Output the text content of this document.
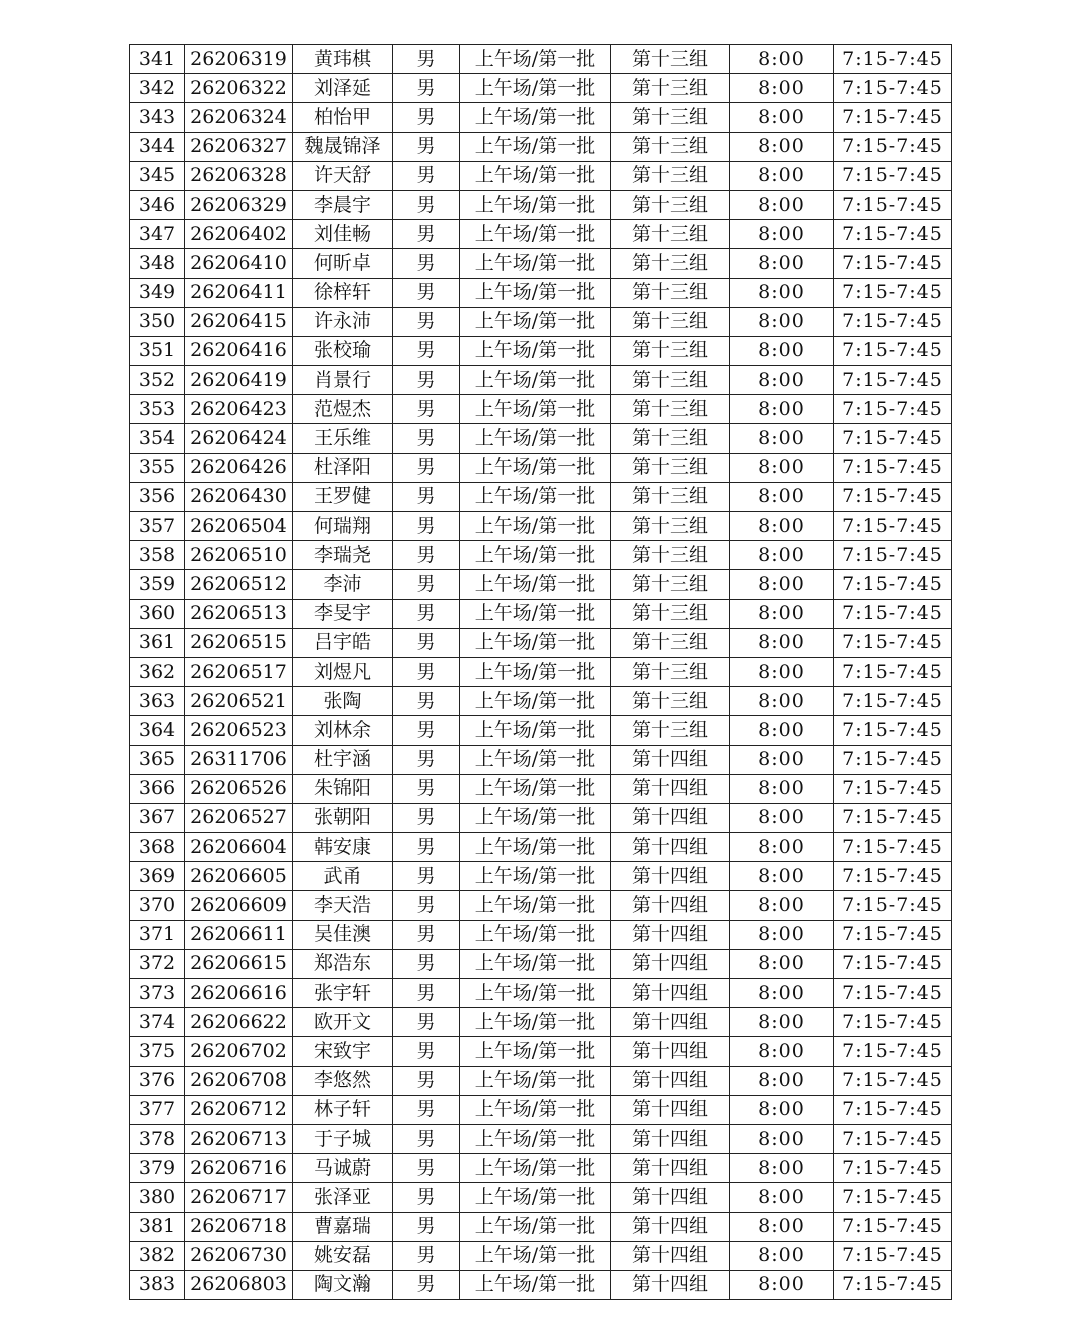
341	26206319	黄玮棋	男	上午场/第一批	第十三组	8:00	7:15-7:45
342	26206322	刘泽延	男	上午场/第一批	第十三组	8:00	7:15-7:45
343	26206324	柏怡甲	男	上午场/第一批	第十三组	8:00	7:15-7:45
344	26206327	魏晟锦泽	男	上午场/第一批	第十三组	8:00	7:15-7:45
345	26206328	许天舒	男	上午场/第一批	第十三组	8:00	7:15-7:45
346	26206329	李晨宇	男	上午场/第一批	第十三组	8:00	7:15-7:45
347	26206402	刘佳畅	男	上午场/第一批	第十三组	8:00	7:15-7:45
348	26206410	何昕卓	男	上午场/第一批	第十三组	8:00	7:15-7:45
349	26206411	徐梓轩	男	上午场/第一批	第十三组	8:00	7:15-7:45
350	26206415	许永沛	男	上午场/第一批	第十三组	8:00	7:15-7:45
351	26206416	张校瑜	男	上午场/第一批	第十三组	8:00	7:15-7:45
352	26206419	肖景行	男	上午场/第一批	第十三组	8:00	7:15-7:45
353	26206423	范煜杰	男	上午场/第一批	第十三组	8:00	7:15-7:45
354	26206424	王乐维	男	上午场/第一批	第十三组	8:00	7:15-7:45
355	26206426	杜泽阳	男	上午场/第一批	第十三组	8:00	7:15-7:45
356	26206430	王罗健	男	上午场/第一批	第十三组	8:00	7:15-7:45
357	26206504	何瑞翔	男	上午场/第一批	第十三组	8:00	7:15-7:45
358	26206510	李瑞尧	男	上午场/第一批	第十三组	8:00	7:15-7:45
359	26206512	李沛	男	上午场/第一批	第十三组	8:00	7:15-7:45
360	26206513	李旻宇	男	上午场/第一批	第十三组	8:00	7:15-7:45
361	26206515	吕宇皓	男	上午场/第一批	第十三组	8:00	7:15-7:45
362	26206517	刘煜凡	男	上午场/第一批	第十三组	8:00	7:15-7:45
363	26206521	张陶	男	上午场/第一批	第十三组	8:00	7:15-7:45
364	26206523	刘林余	男	上午场/第一批	第十三组	8:00	7:15-7:45
365	26311706	杜宇涵	男	上午场/第一批	第十四组	8:00	7:15-7:45
366	26206526	朱锦阳	男	上午场/第一批	第十四组	8:00	7:15-7:45
367	26206527	张朝阳	男	上午场/第一批	第十四组	8:00	7:15-7:45
368	26206604	韩安康	男	上午场/第一批	第十四组	8:00	7:15-7:45
369	26206605	武甬	男	上午场/第一批	第十四组	8:00	7:15-7:45
370	26206609	李天浩	男	上午场/第一批	第十四组	8:00	7:15-7:45
371	26206611	吴佳澳	男	上午场/第一批	第十四组	8:00	7:15-7:45
372	26206615	郑浩东	男	上午场/第一批	第十四组	8:00	7:15-7:45
373	26206616	张宇轩	男	上午场/第一批	第十四组	8:00	7:15-7:45
374	26206622	欧开文	男	上午场/第一批	第十四组	8:00	7:15-7:45
375	26206702	宋致宇	男	上午场/第一批	第十四组	8:00	7:15-7:45
376	26206708	李悠然	男	上午场/第一批	第十四组	8:00	7:15-7:45
377	26206712	林子轩	男	上午场/第一批	第十四组	8:00	7:15-7:45
378	26206713	于子城	男	上午场/第一批	第十四组	8:00	7:15-7:45
379	26206716	马诚蔚	男	上午场/第一批	第十四组	8:00	7:15-7:45
380	26206717	张泽亚	男	上午场/第一批	第十四组	8:00	7:15-7:45
381	26206718	曹嘉瑞	男	上午场/第一批	第十四组	8:00	7:15-7:45
382	26206730	姚安磊	男	上午场/第一批	第十四组	8:00	7:15-7:45
383	26206803	陶文瀚	男	上午场/第一批	第十四组	8:00	7:15-7:45
